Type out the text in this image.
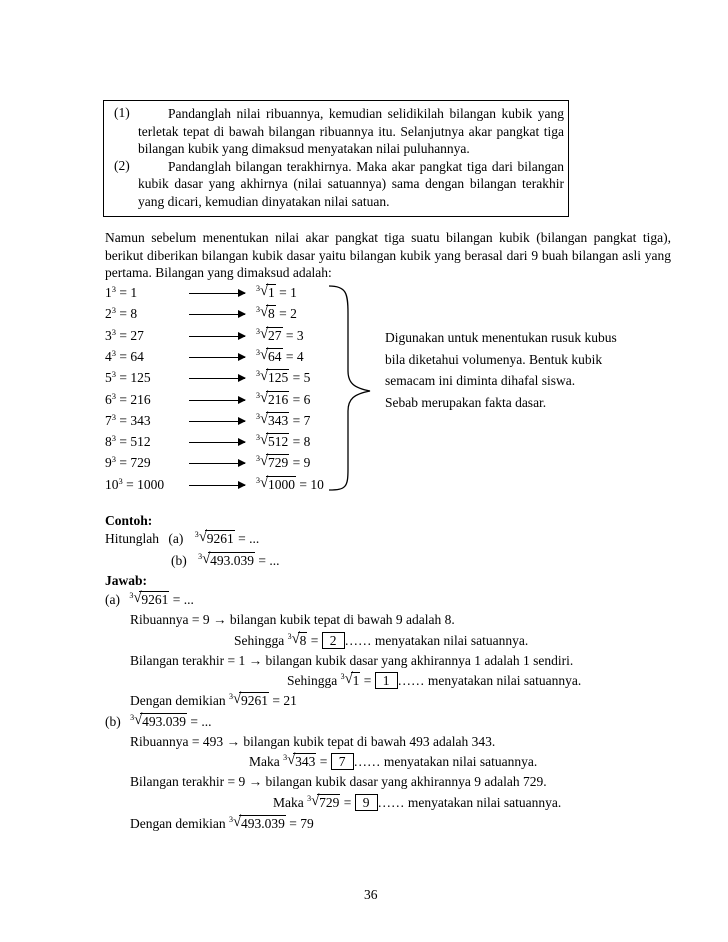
(1)	Pandanglah nilai ribuannya, kemudian selidikilah bilangan kubik yang terletak tepat di bawah bilangan ribuannya itu. Selanjutnya akar pangkat tiga bilangan kubik yang dimaksud menyatakan nilai puluhannya.
(2)	Pandanglah bilangan terakhirnya. Maka akar pangkat tiga dari bilangan kubik dasar yang akhirnya (nilai satuannya) sama dengan bilangan terakhir yang dicari, kemudian dinyatakan nilai satuan.

Namun sebelum menentukan nilai akar pangkat tiga suatu bilangan kubik (bilangan pangkat tiga), berikut diberikan bilangan kubik dasar yaitu bilangan kubik yang berasal dari 9 buah bilangan asli yang pertama. Bilangan yang dimaksud adalah:

$1^3 = 1$	3 √ 1 = 1
$2^3 = 8$	3 √ 8 = 2
$3^3 = 27$	3 √ 27 = 3
$4^3 = 64$	3 √ 64 = 4
$5^3 = 125$	3 √ 125 = 5
$6^3 = 216$	3 √ 216 = 6
$7^3 = 343$	3 √ 343 = 7
$8^3 = 512$	3 √ 512 = 8
$9^3 = 729$	3 √ 729 = 9
$10^3 = 1000$	3 √ 1000 = 10
Digunakan untuk menentukan rusuk kubus
bila diketahui volumenya. Bentuk kubik
semacam ini diminta dihafal siswa.
Sebab merupakan fakta dasar.
Contoh:
Hitunglah (a) 3 √ 9261 = ...
(b) 3 √ 493.039 = ...
Jawab:
(a) 3 √ 9261 = ...
Ribuannya = 9 → bilangan kubik tepat di bawah 9 adalah 8.
Sehingga 3 √ 8 = 2 …… menyatakan nilai satuannya.
Bilangan terakhir = 1 → bilangan kubik dasar yang akhirannya 1 adalah 1 sendiri.
Sehingga 3 √ 1 = 1 …… menyatakan nilai satuannya.
Dengan demikian 3 √ 9261 = 21
(b) 3 √ 493.039 = ...
Ribuannya = 493 → bilangan kubik tepat di bawah 493 adalah 343.
Maka 3 √ 343 = 7 …… menyatakan nilai satuannya.
Bilangan terakhir = 9 → bilangan kubik dasar yang akhirannya 9 adalah 729.
Maka 3 √ 729 = 9 …… menyatakan nilai satuannya.
Dengan demikian 3 √ 493.039 = 79
36
